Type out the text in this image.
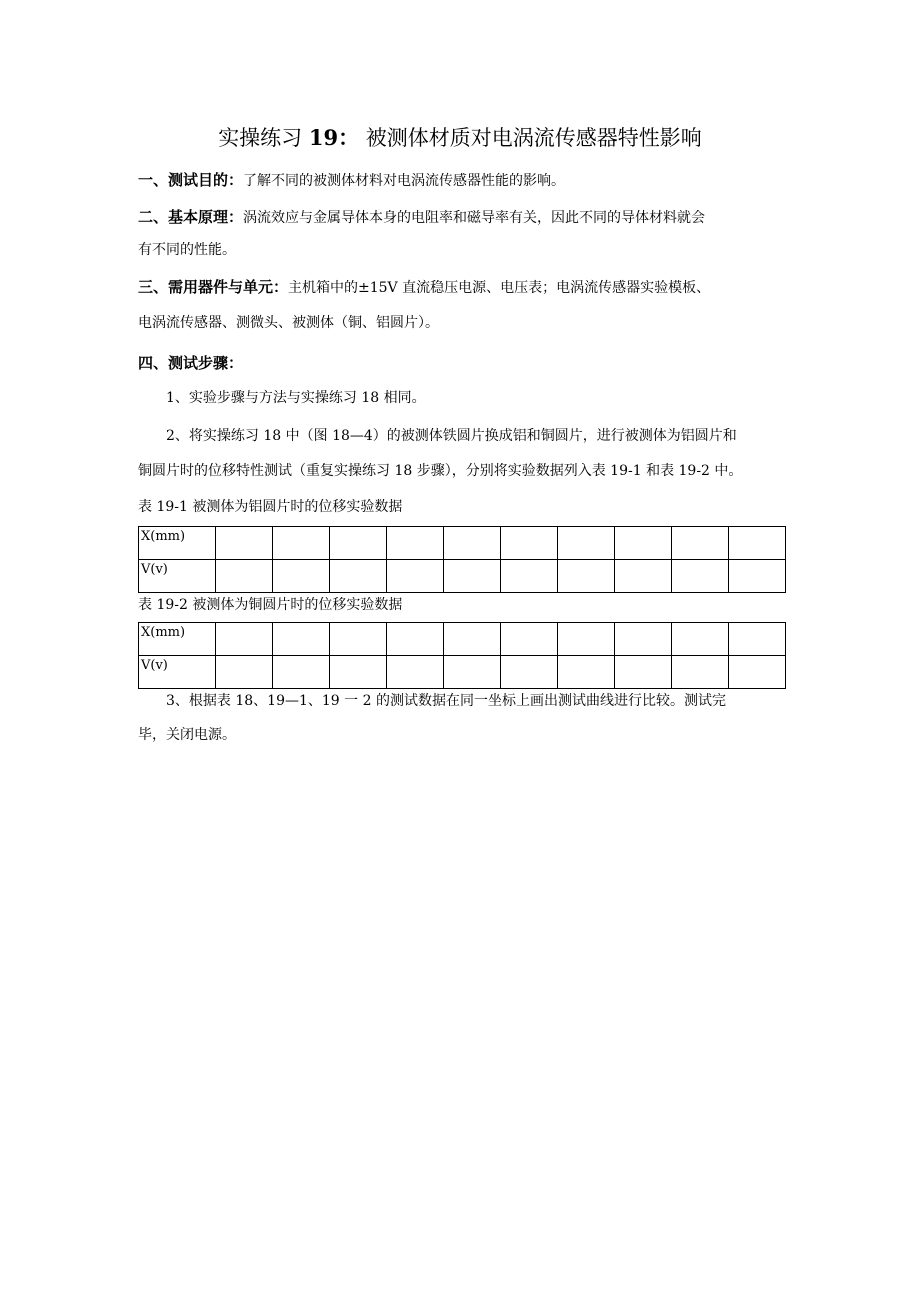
实操练习 19： 被测体材质对电涡流传感器特性影响
一、测试目的：了解不同的被测体材料对电涡流传感器性能的影响。
二、基本原理：涡流效应与金属导体本身的电阻率和磁导率有关，因此不同的导体材料就会
有不同的性能。
三、需用器件与单元：主机箱中的±15V 直流稳压电源、电压表；电涡流传感器实验模板、
电涡流传感器、测微头、被测体（铜、铝圆片）。
四、测试步骤：
1、实验步骤与方法与实操练习 18 相同。
2、将实操练习 18 中（图 18—4）的被测体铁圆片换成铝和铜圆片，进行被测体为铝圆片和
铜圆片时的位移特性测试（重复实操练习 18 步骤），分别将实验数据列入表 19-1 和表 19-2 中。
表 19-1 被测体为铝圆片时的位移实验数据
X(mm)										
V(v)										
表 19-2 被测体为铜圆片时的位移实验数据
X(mm)										
V(v)										
3、根据表 18、19—1、19 一 2 的测试数据在同一坐标上画出测试曲线进行比较。测试完
毕，关闭电源。
